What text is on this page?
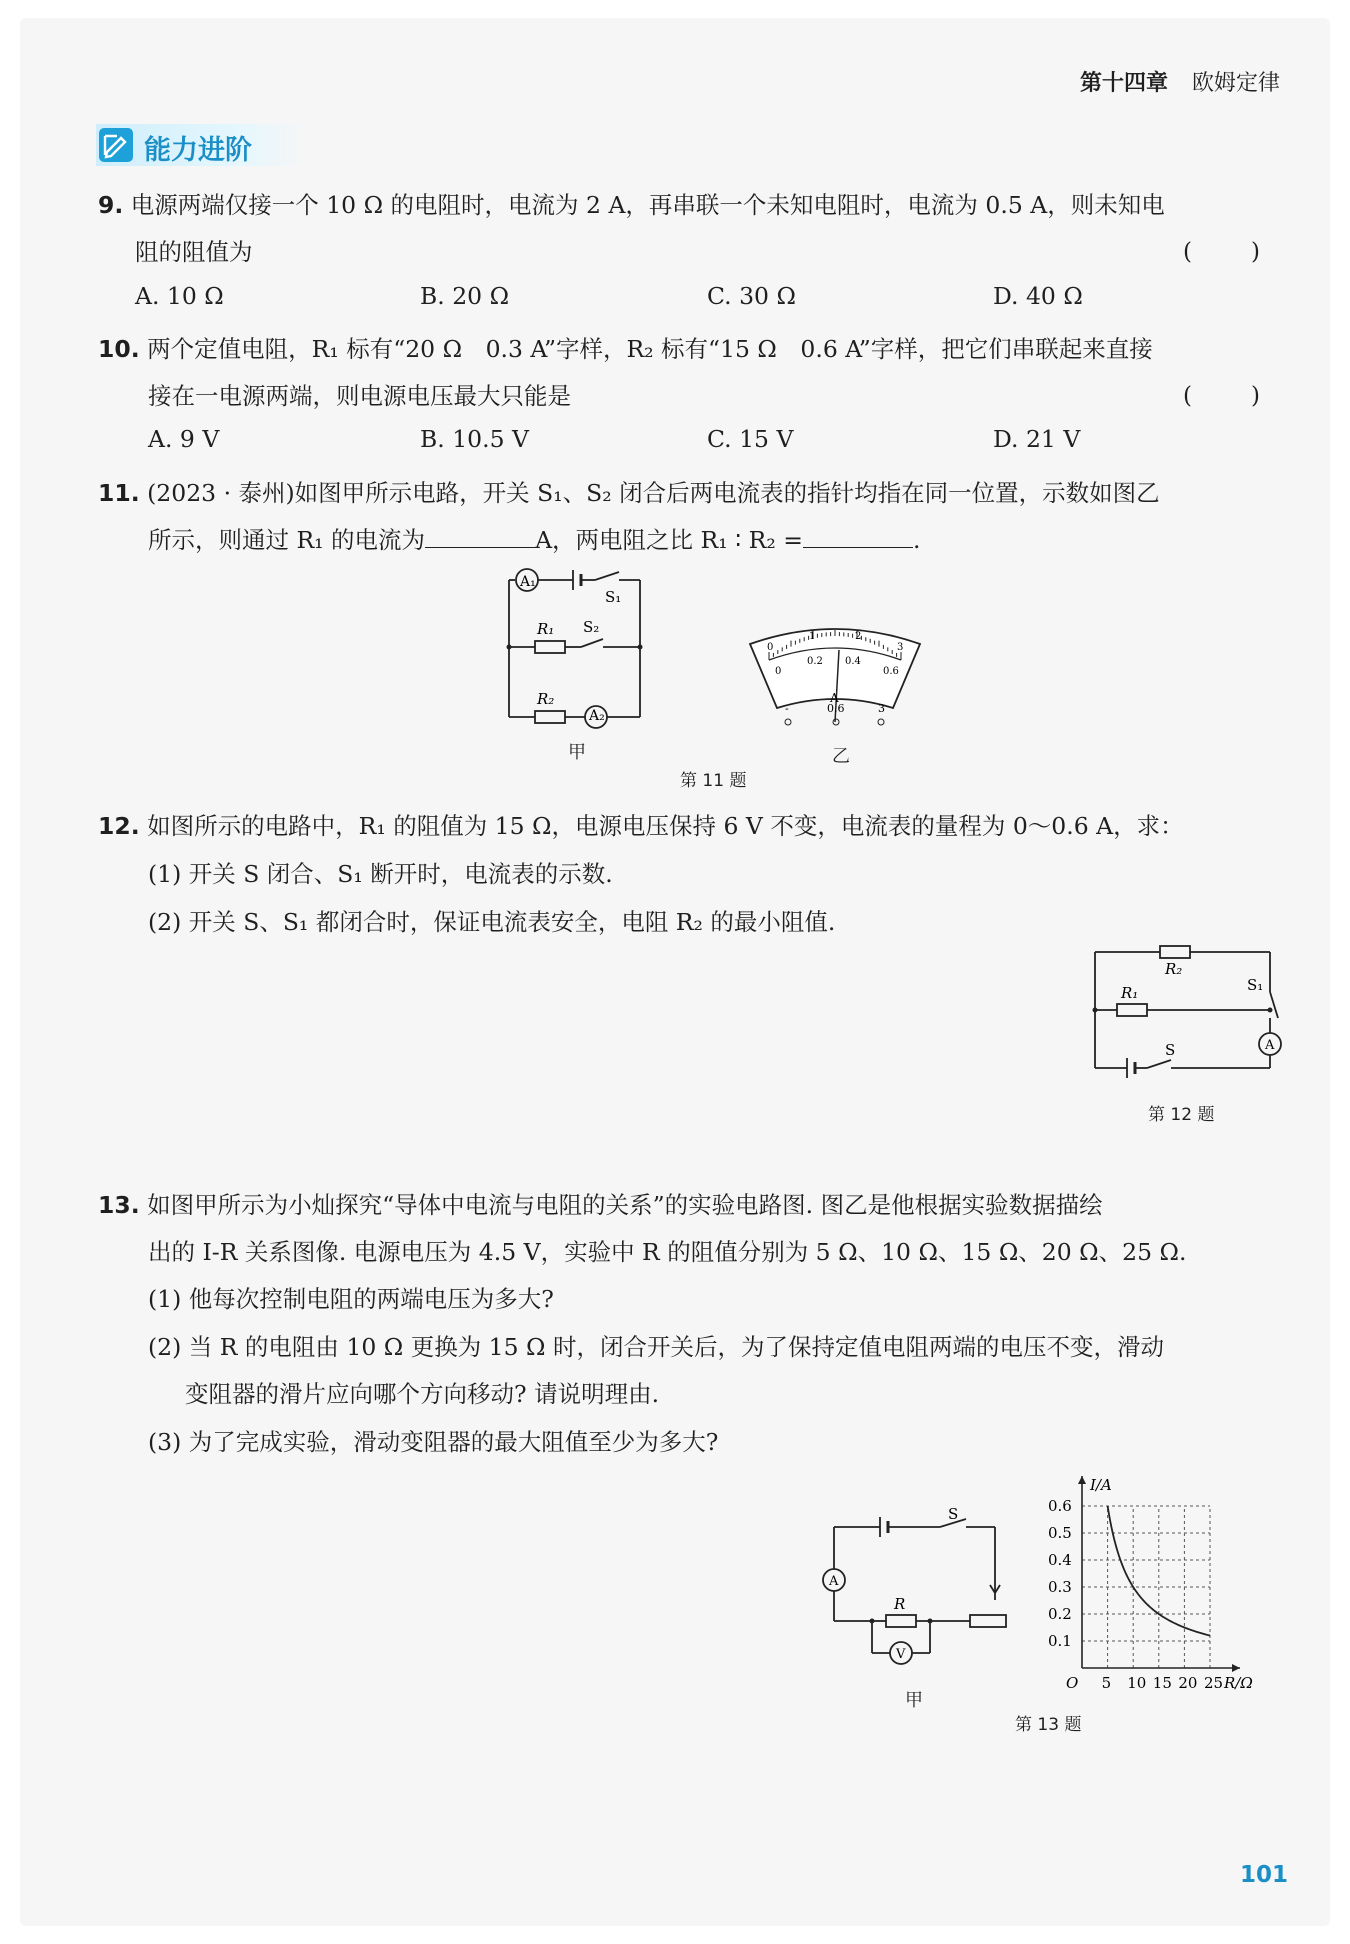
第十四章 欧姆定律
能力进阶
9. 电源两端仅接一个 10 Ω 的电阻时，电流为 2 A，再串联一个未知电阻时，电流为 0.5 A，则未知电
阻的阻值为	(　)
A. 10 Ω	B. 20 Ω	C. 30 Ω	D. 40 Ω
10. 两个定值电阻，R₁ 标有“20 Ω　0.3 A”字样，R₂ 标有“15 Ω　0.6 A”字样，把它们串联起来直接
接在一电源两端，则电源电压最大只能是	(　)
A. 9 V	B. 10.5 V	C. 15 V	D. 21 V
11. (2023 · 泰州)如图甲所示电路，开关 S₁、S₂ 闭合后两电流表的指针均指在同一位置，示数如图乙
所示，则通过 R₁ 的电流为	A，两电阻之比 R₁ ∶ R₂ =	.
A₁
A₂
S₁
S₂
R₁
R₂
甲
0
1	2
3
0
0.2 0.4
0.6
A
-	0.6	3
乙
第 11 题
12. 如图所示的电路中，R₁ 的阻值为 15 Ω，电源电压保持 6 V 不变，电流表的量程为 0～0.6 A，求：
(1) 开关 S 闭合、S₁ 断开时，电流表的示数.
(2) 开关 S、S₁ 都闭合时，保证电流表安全，电阻 R₂ 的最小阻值.
R₂
R₁	S₁
S	A
第 12 题
13. 如图甲所示为小灿探究“导体中电流与电阻的关系”的实验电路图. 图乙是他根据实验数据描绘
出的 I-R 关系图像. 电源电压为 4.5 V，实验中 R 的阻值分别为 5 Ω、10 Ω、15 Ω、20 Ω、25 Ω.
(1) 他每次控制电阻的两端电压为多大?
(2) 当 R 的电阻由 10 Ω 更换为 15 Ω 时，闭合开关后，为了保持定值电阻两端的电压不变，滑动
变阻器的滑片应向哪个方向移动? 请说明理由.
(3) 为了完成实验，滑动变阻器的最大阻值至少为多大?
S
A
R
V
甲
5 10 15 20 25
0.1
0.2
0.3
0.4
0.5
0.6
O	R/Ω
I/A
第 13 题
101
